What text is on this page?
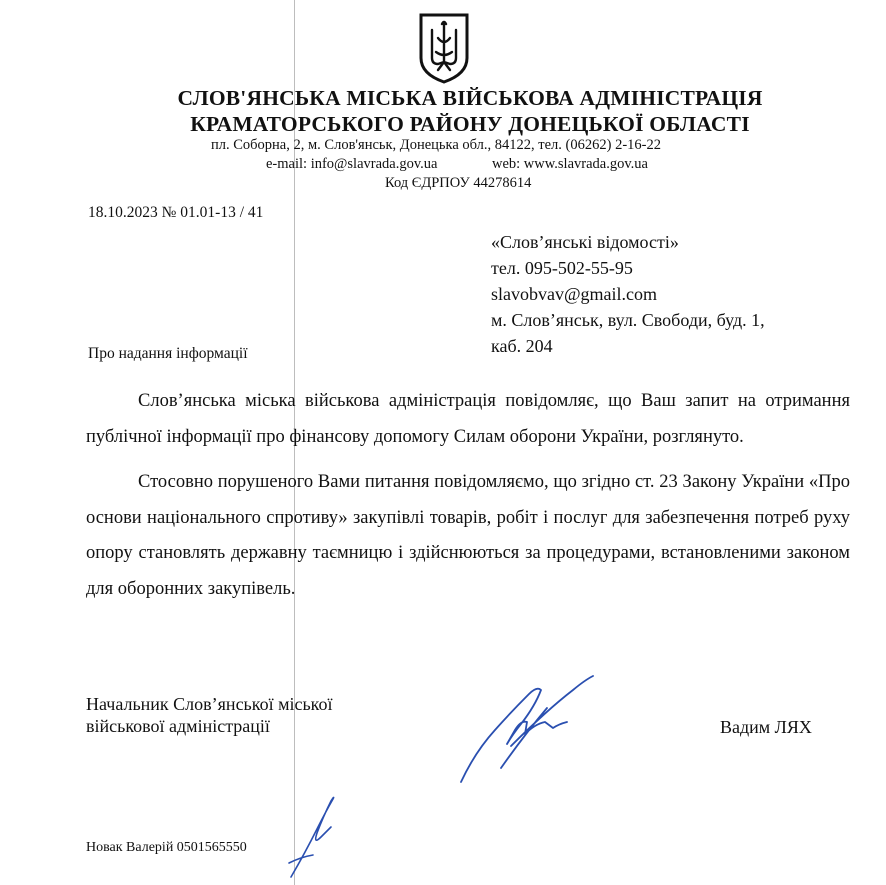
СЛОВ'ЯНСЬКА МІСЬКА ВІЙСЬКОВА АДМІНІСТРАЦІЯ
КРАМАТОРСЬКОГО РАЙОНУ ДОНЕЦЬКОЇ ОБЛАСТІ
пл. Соборна, 2, м. Слов'янськ, Донецька обл., 84122, тел. (06262) 2-16-22
e-mail: info@slavrada.gov.ua	web: www.slavrada.gov.ua
Код ЄДРПОУ 44278614
18.10.2023 № 01.01-13 / 41
«Слов’янські відомості»
тел. 095-502-55-95
slavobvav@gmail.com
м. Слов’янськ, вул. Свободи, буд. 1,
каб. 204
Про надання інформації

Слов’янська міська військова адміністрація повідомляє, що Ваш запит на отримання публічної інформації про фінансову допомогу Силам оборони України, розглянуто.

Стосовно порушеного Вами питання повідомляємо, що згідно ст. 23 Закону України «Про основи національного спротиву» закупівлі товарів, робіт і послуг для забезпечення потреб руху опору становлять державну таємницю і здійснюються за процедурами, встановленими законом для оборонних закупівель.

Начальник Слов’янської міської
військової адміністрації	Вадим ЛЯХ
Новак Валерій 0501565550
